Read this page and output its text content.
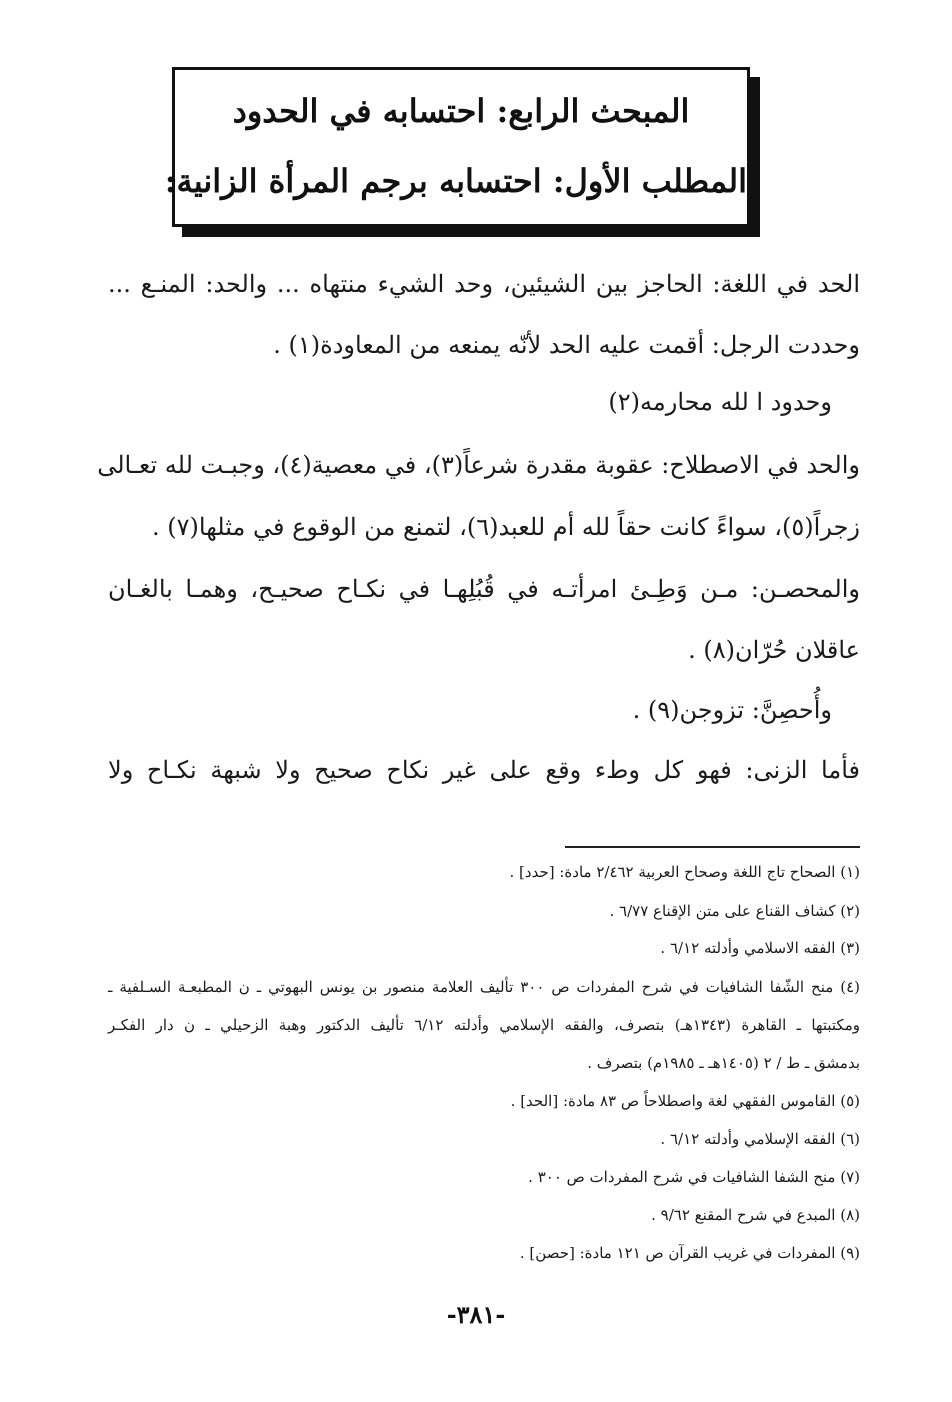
المبحث الرابع: احتسابه في الحدود
المطلب الأول: احتسابه برجم المرأة الزانية:
الحد في اللغة: الحاجز بين الشيئين، وحد الشيء منتهاه ... والحد: المنـع ...
وحددت الرجل: أقمت عليه الحد لأنّه يمنعه من المعاودة(١) .
وحدود ا لله محارمه(٢)
والحد في الاصطلاح: عقوبة مقدرة شرعاً(٣)، في معصية(٤)، وجبـت لله تعـالى
زجراً(٥)، سواءً كانت حقاً لله أم للعبد(٦)، لتمنع من الوقوع في مثلها(٧) .
والمحصـن: مـن وَطِـئ امرأتـه في قُبُلِهـا في نكـاح صحيـح، وهمـا بالغـان
عاقلان حُرّان(٨) .
وأُحصِنَّ: تزوجن(٩) .
فأما الزنى: فهو كل وطء وقع على غير نكاح صحيح ولا شبهة نكـاح ولا
(١) الصحاح تاج اللغة وصحاح العربية ٢/٤٦٢ مادة: [حدد] .
(٢) كشاف القناع على متن الإقناع ٦/٧٧ .
(٣) الفقه الاسلامي وأدلته ٦/١٢ .
(٤) منح الشّفا الشافيات في شرح المفردات ص ٣٠٠ تأليف العلامة منصور بن يونس البهوتي ـ ن المطبعـة السـلفية ـ
ومكتبتها ـ القاهرة (١٣٤٣هـ) بتصرف، والفقه الإسلامي وأدلته ٦/١٢ تأليف الدكتور وهبة الزحيلي ـ ن دار الفكـر
بدمشق ـ ط / ٢ (١٤٠٥هـ ـ ١٩٨٥م) بتصرف .
(٥) القاموس الفقهي لغة واصطلاحاً ص ٨٣ مادة: [الحد] .
(٦) الفقه الإسلامي وأدلته ٦/١٢ .
(٧) منح الشفا الشافيات في شرح المفردات ص ٣٠٠ .
(٨) المبدع في شرح المقنع ٩/٦٢ .
(٩) المفردات في غريب القرآن ص ١٢١ مادة: [حصن] .
-٣٨١-
